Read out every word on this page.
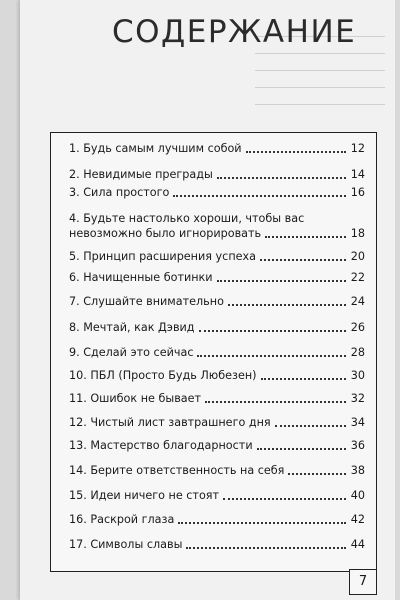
СОДЕРЖАНИЕ
1. Будь самым лучшим собой	12
2. Невидимые преграды	14
3. Сила простого	16
4. Будьте настолько хороши, чтобы вас
невозможно было игнорировать	18
5. Принцип расширения успеха	20
6. Начищенные ботинки	22
7. Слушайте внимательно	24
8. Мечтай, как Дэвид	26
9. Сделай это сейчас	28
10. ПБЛ (Просто Будь Любезен)	30
11. Ошибок не бывает	32
12. Чистый лист завтрашнего дня	34
13. Мастерство благодарности	36
14. Берите ответственность на себя	38
15. Идеи ничего не стоят	40
16. Раскрой глаза	42
17. Символы славы	44
7
